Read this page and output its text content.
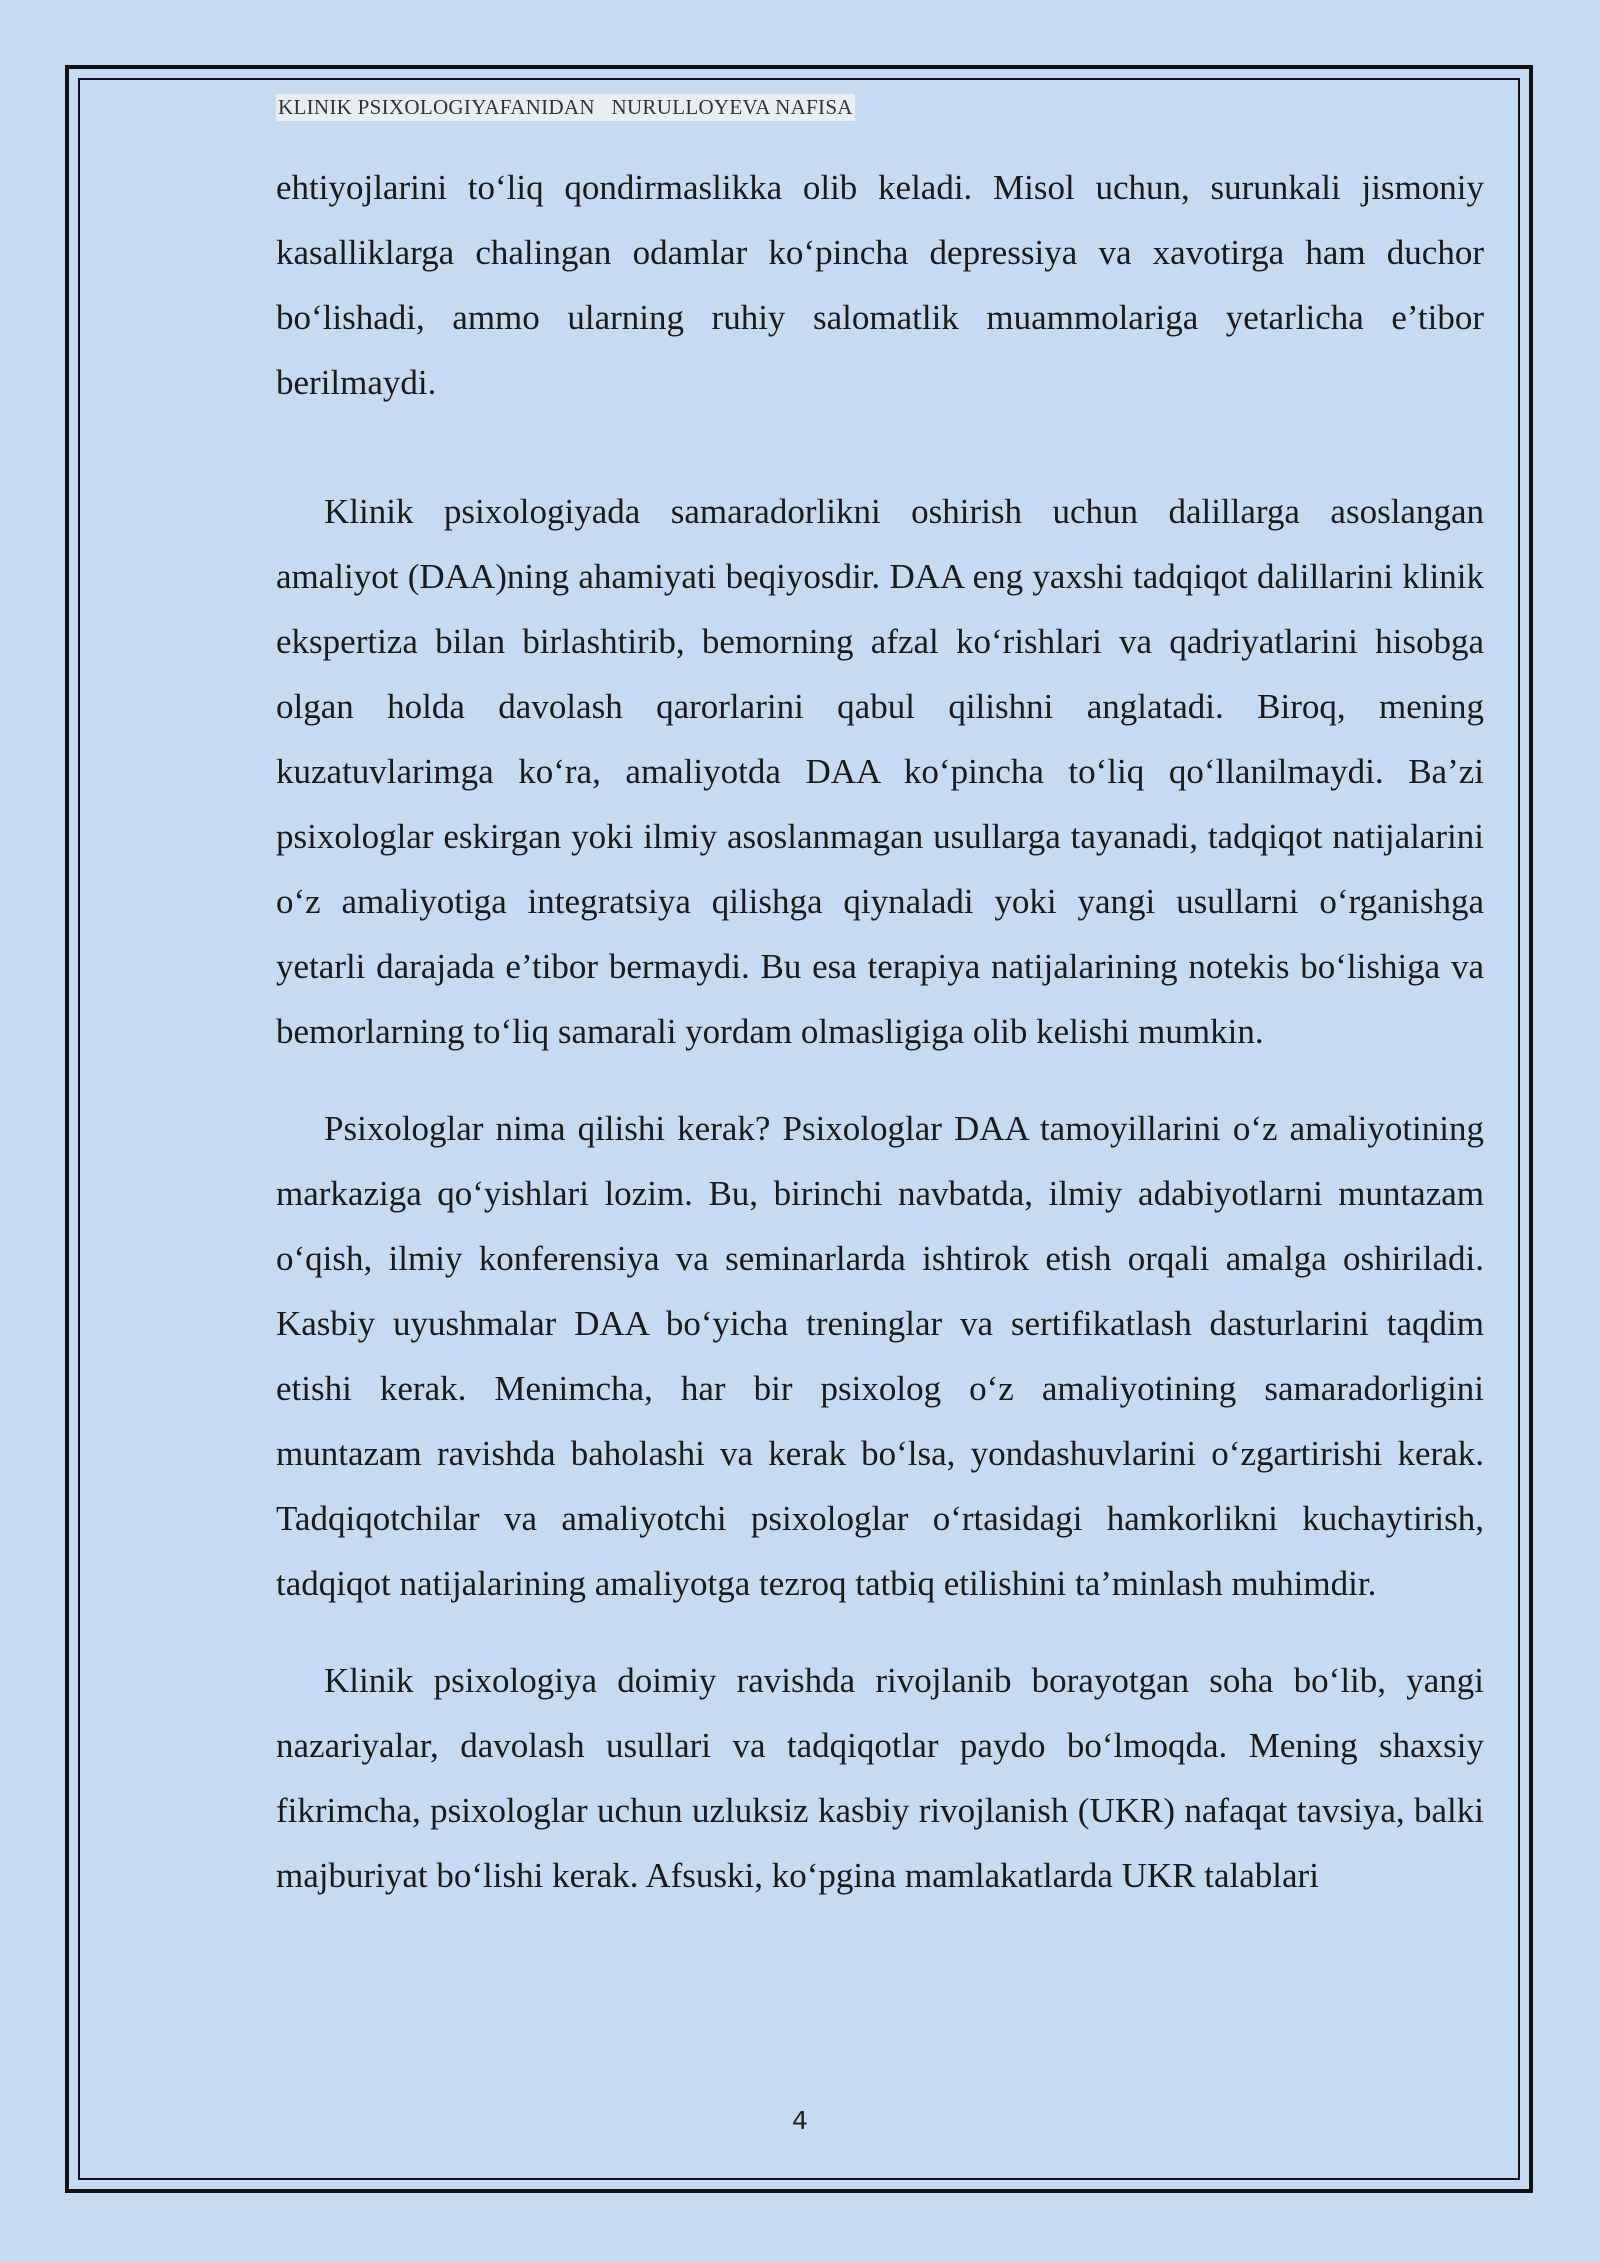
KLINIK PSIXOLOGIYAFANIDAN   NURULLOYEVA NAFISA

ehtiyojlarini to‘liq qondirmaslikka olib keladi. Misol uchun, surunkali jismoniy kasalliklarga chalingan odamlar ko‘pincha depressiya va xavotirga ham duchor bo‘lishadi, ammo ularning ruhiy salomatlik muammolariga yetarlicha e’tibor berilmaydi.

Klinik psixologiyada samaradorlikni oshirish uchun dalillarga asoslangan amaliyot (DAA)ning ahamiyati beqiyosdir. DAA eng yaxshi tadqiqot dalillarini klinik ekspertiza bilan birlashtirib, bemorning afzal ko‘rishlari va qadriyatlarini hisobga olgan holda davolash qarorlarini qabul qilishni anglatadi. Biroq, mening kuzatuvlarimga ko‘ra, amaliyotda DAA ko‘pincha to‘liq qo‘llanilmaydi. Ba’zi psixologlar eskirgan yoki ilmiy asoslanmagan usullarga tayanadi, tadqiqot natijalarini o‘z amaliyotiga integratsiya qilishga qiynaladi yoki yangi usullarni o‘rganishga yetarli darajada e’tibor bermaydi. Bu esa terapiya natijalarining notekis bo‘lishiga va bemorlarning to‘liq samarali yordam olmasligiga olib kelishi mumkin.

Psixologlar nima qilishi kerak? Psixologlar DAA tamoyillarini o‘z amaliyotining markaziga qo‘yishlari lozim. Bu, birinchi navbatda, ilmiy adabiyotlarni muntazam o‘qish, ilmiy konferensiya va seminarlarda ishtirok etish orqali amalga oshiriladi. Kasbiy uyushmalar DAA bo‘yicha treninglar va sertifikatlash dasturlarini taqdim etishi kerak. Menimcha, har bir psixolog o‘z amaliyotining samaradorligini muntazam ravishda baholashi va kerak bo‘lsa, yondashuvlarini o‘zgartirishi kerak. Tadqiqotchilar va amaliyotchi psixologlar o‘rtasidagi hamkorlikni kuchaytirish, tadqiqot natijalarining amaliyotga tezroq tatbiq etilishini ta’minlash muhimdir.

Klinik psixologiya doimiy ravishda rivojlanib borayotgan soha bo‘lib, yangi nazariyalar, davolash usullari va tadqiqotlar paydo bo‘lmoqda. Mening shaxsiy fikrimcha, psixologlar uchun uzluksiz kasbiy rivojlanish (UKR) nafaqat tavsiya, balki majburiyat bo‘lishi kerak. Afsuski, ko‘pgina mamlakatlarda UKR talablari

4
